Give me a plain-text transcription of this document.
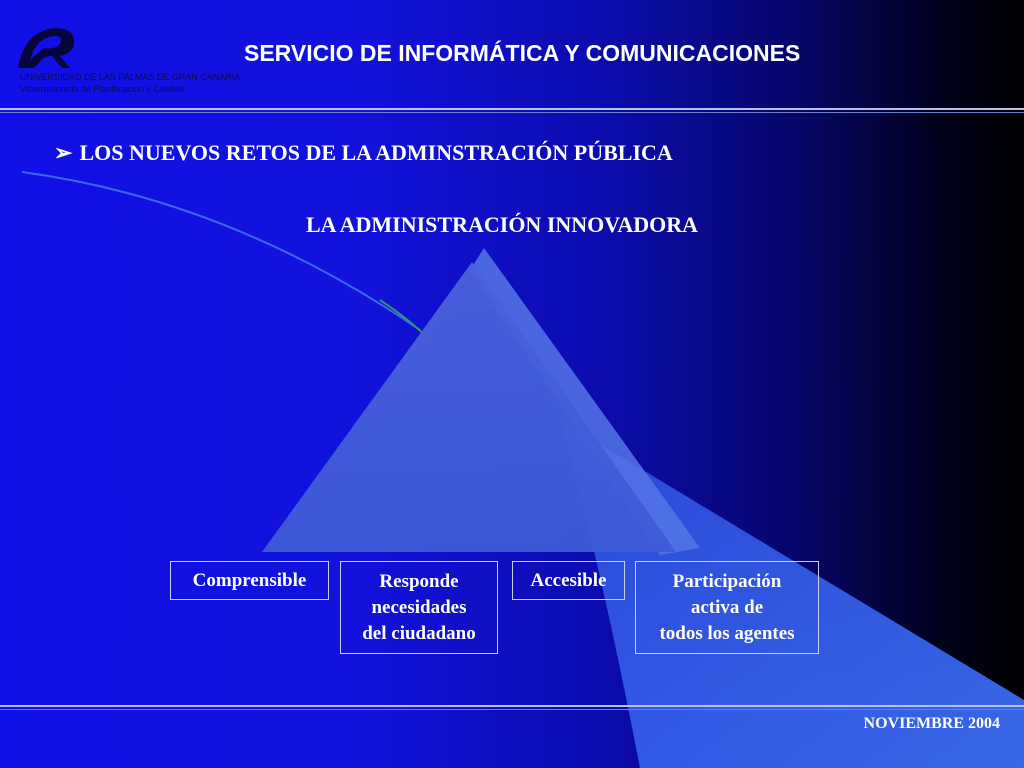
UNIVERSIDAD DE LAS PALMAS DE GRAN CANARIA
Vicerrectorado de Planificación y Calidad
SERVICIO DE INFORMÁTICA Y COMUNICACIONES
➢ LOS NUEVOS RETOS DE LA ADMINSTRACIÓN PÚBLICA
LA ADMINISTRACIÓN INNOVADORA
Comprensible	Responde
necesidades
del ciudadano
Accesible	Participación
activa de
todos los agentes
NOVIEMBRE 2004
